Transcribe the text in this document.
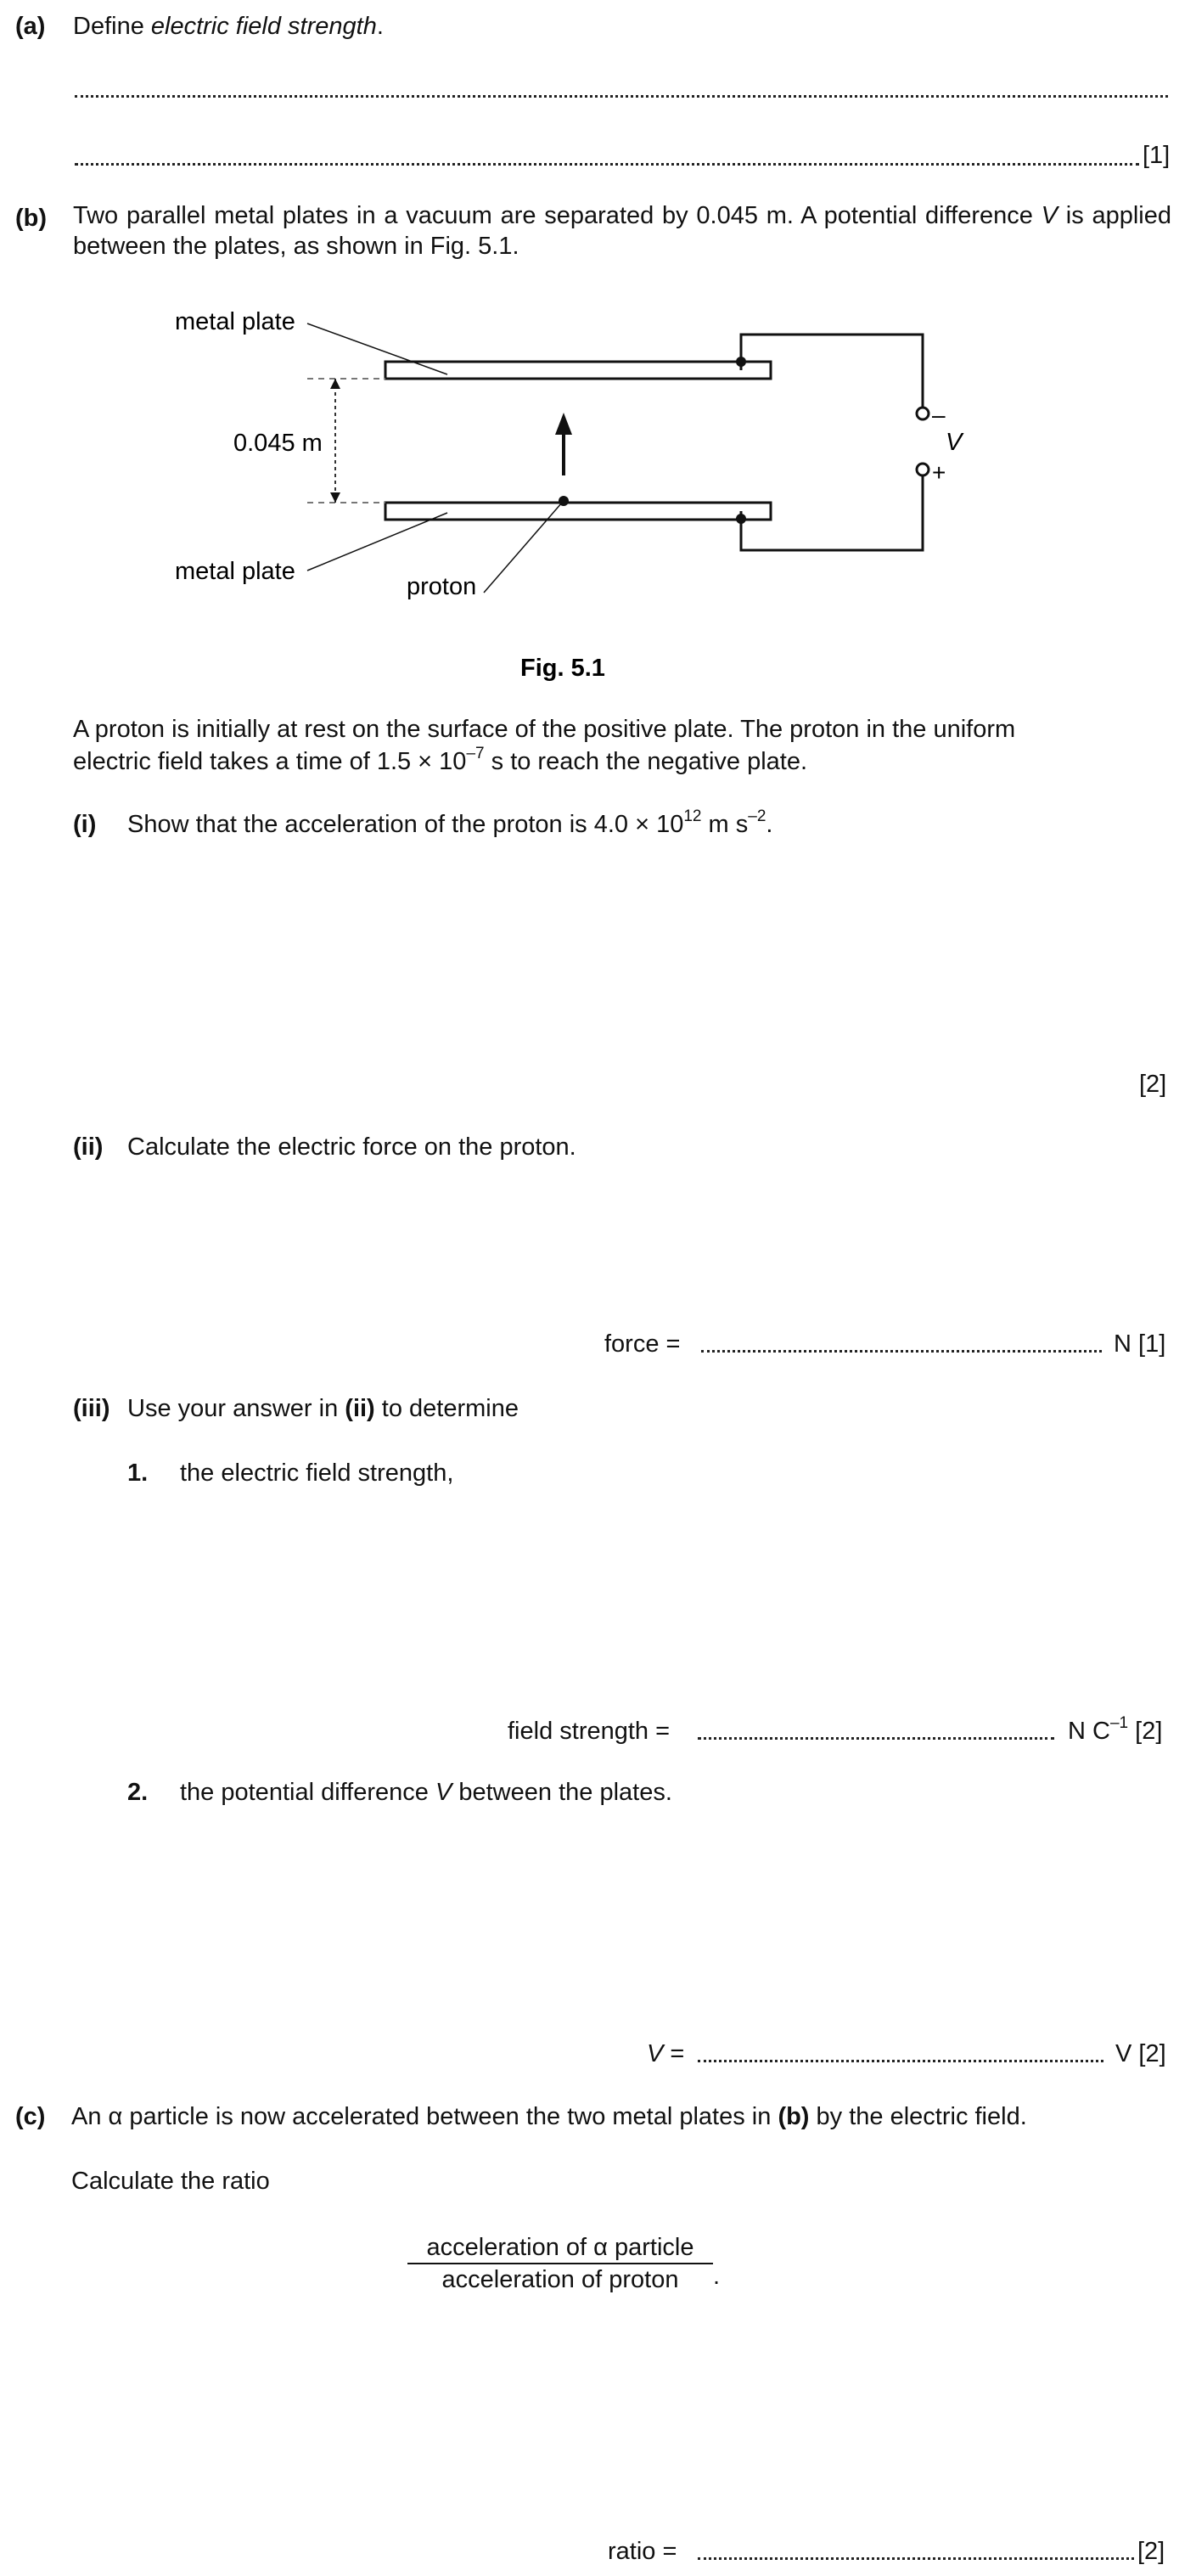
(a) Define electric field strength.
[1]
(b) Two parallel metal plates in a vacuum are separated by 0.045 m. A potential difference V is applied between the plates, as shown in Fig. 5.1.
–
V
+
0.045 m
metal plate
metal plate
proton
Fig. 5.1
A proton is initially at rest on the surface of the positive plate. The proton in the uniform
electric field takes a time of $1.5 \times 10^{-7}$ s to reach the negative plate.
(i) Show that the acceleration of the proton is $4.0 \times 10^{12}$ m $s^{-2}$.
[2]
(ii) Calculate the electric force on the proton.
force =	N [1]
(iii) Use your answer in (ii) to determine
1. the electric field strength,
field strength =	N $C^{-1}$ [2]
2. the potential difference V between the plates.
V =	V [2]
(c) An α particle is now accelerated between the two metal plates in (b) by the electric field.
Calculate the ratio
acceleration of α particle
acceleration of proton	.
ratio =	[2]
